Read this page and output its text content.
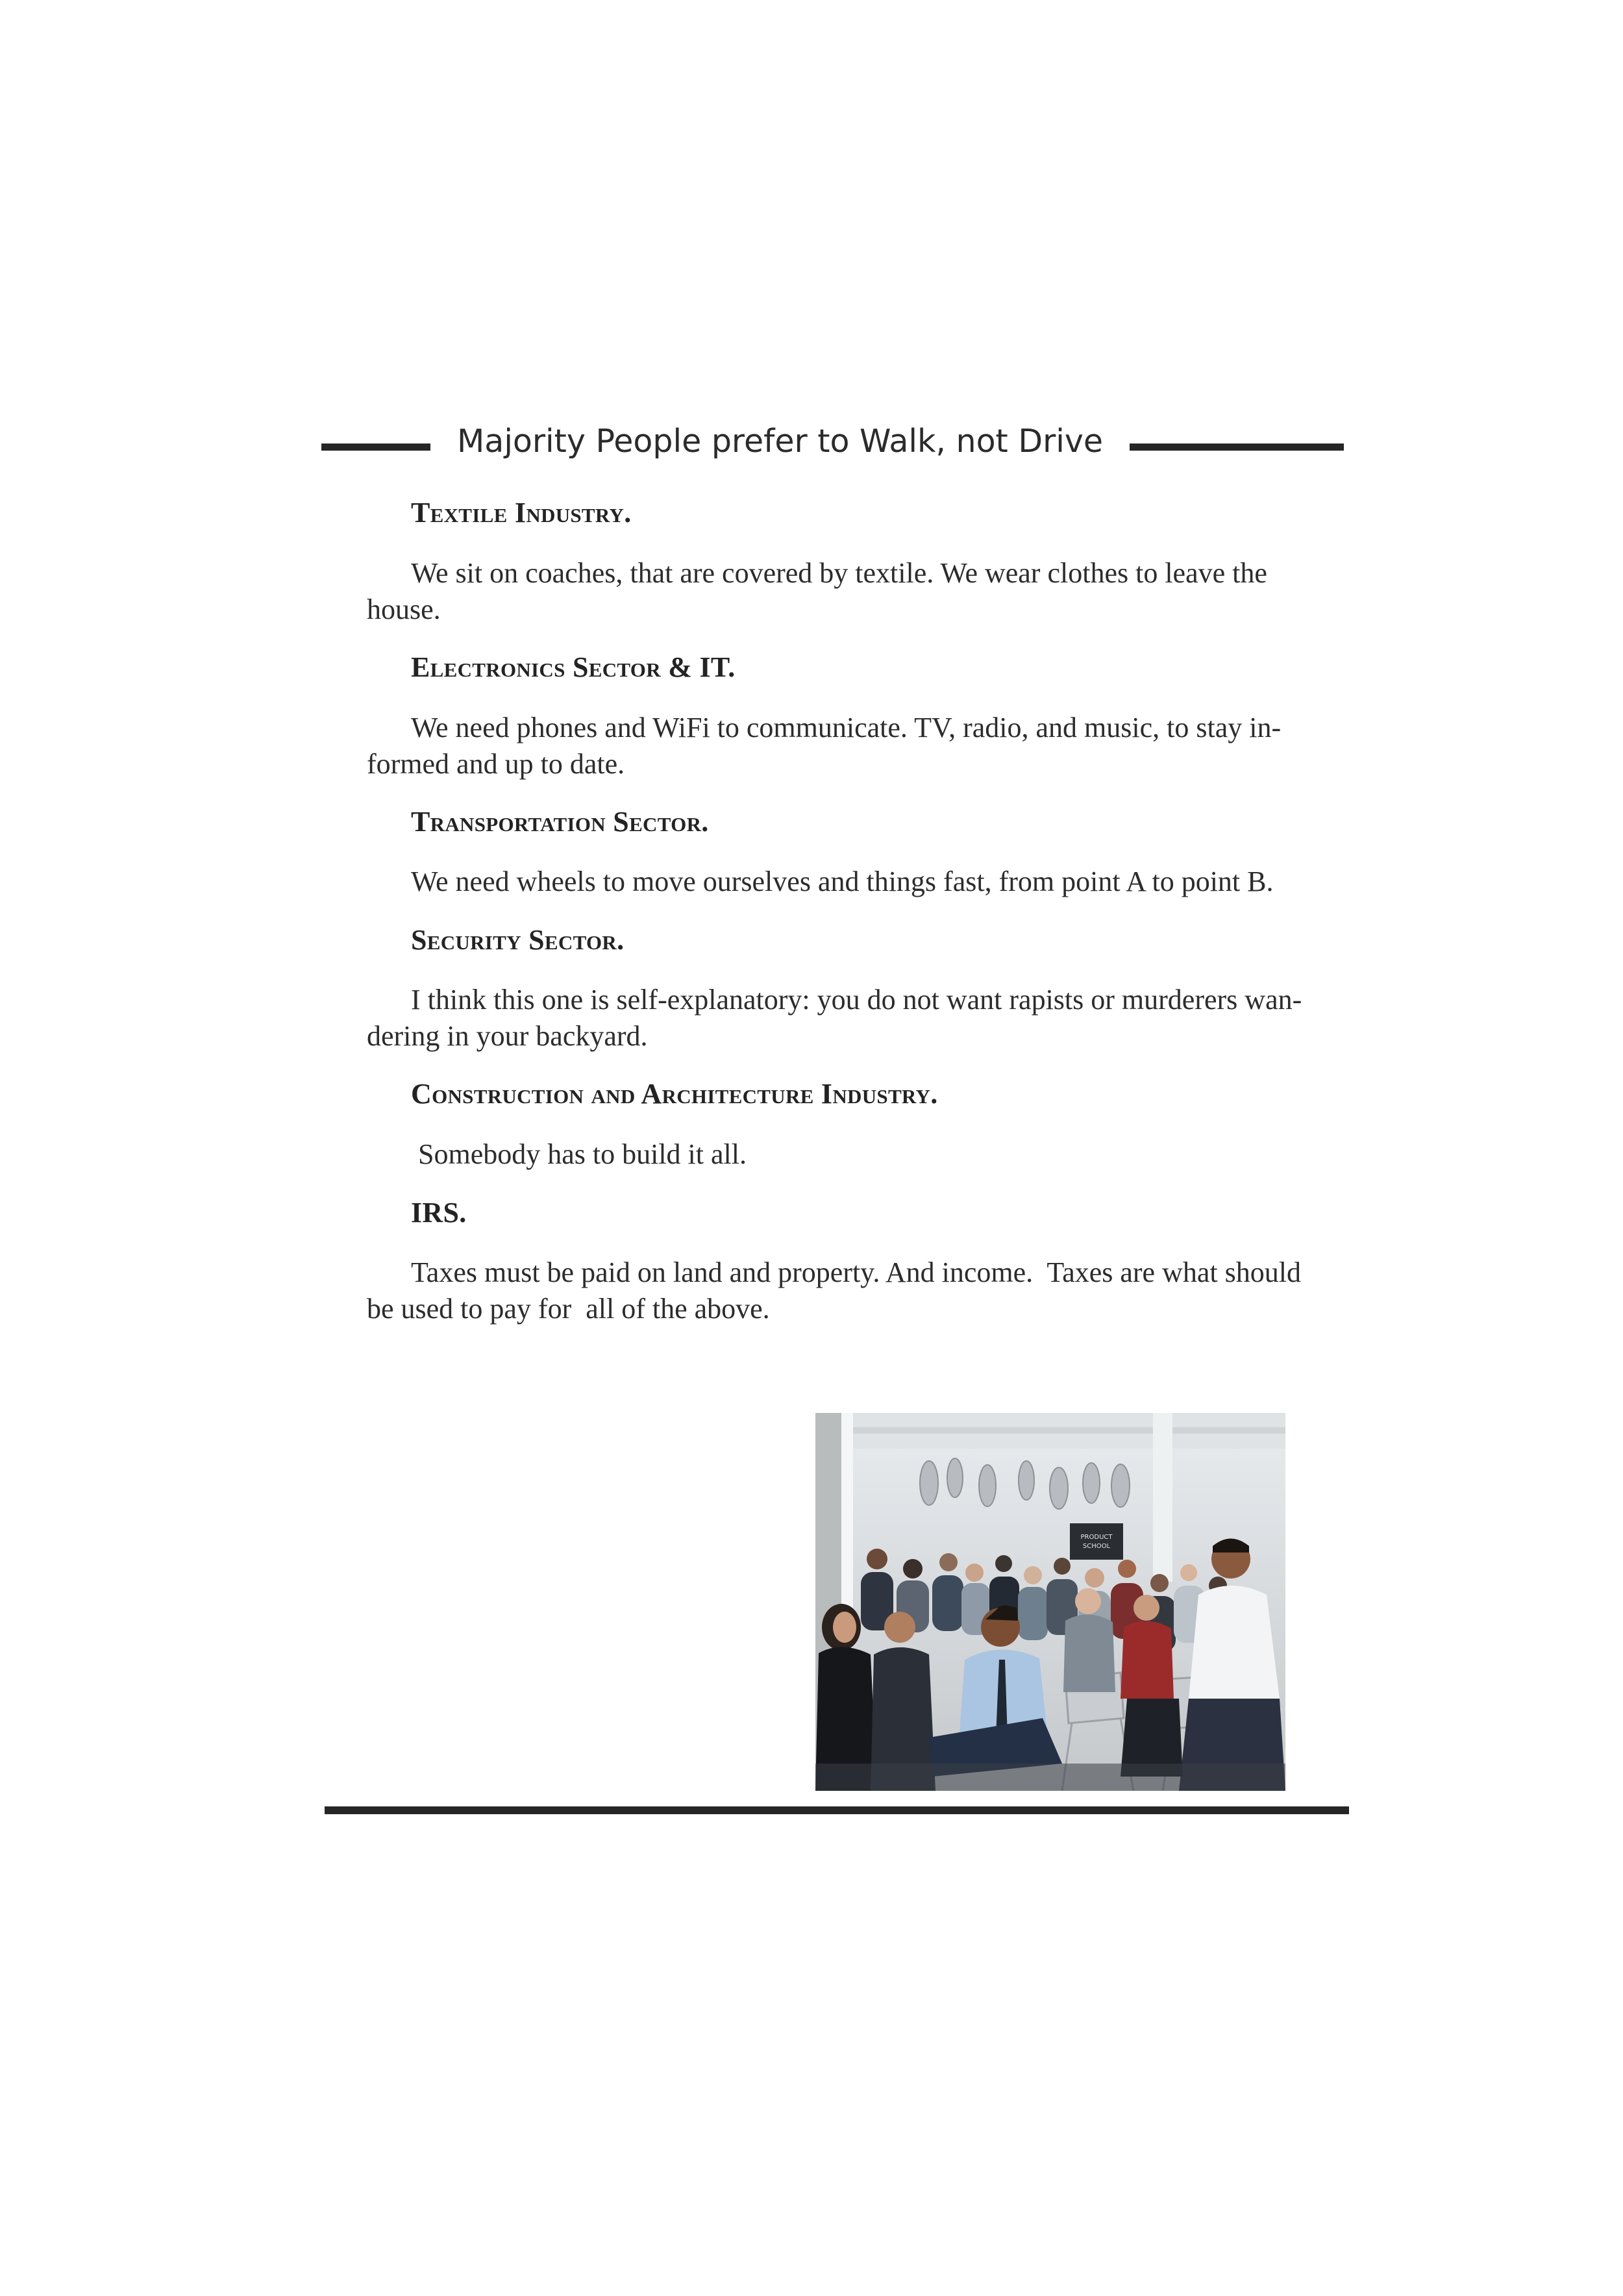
Majority People prefer to Walk, not Drive
Textile Industry.
We sit on coaches, that are covered by textile. We wear clothes to leave the
house.
Electronics Sector & IT.
We need phones and WiFi to communicate. TV, radio, and music, to stay in-
formed and up to date.
Transportation Sector.
We need wheels to move ourselves and things fast, from point A to point B.
Security Sector.
I think this one is self-explanatory: you do not want rapists or murderers wan-
dering in your backyard.
Construction and Architecture Industry.
Somebody has to build it all.
IRS.
Taxes must be paid on land and property. And income.  Taxes are what should
be used to pay for  all of the above.
PRODUCT
SCHOOL
